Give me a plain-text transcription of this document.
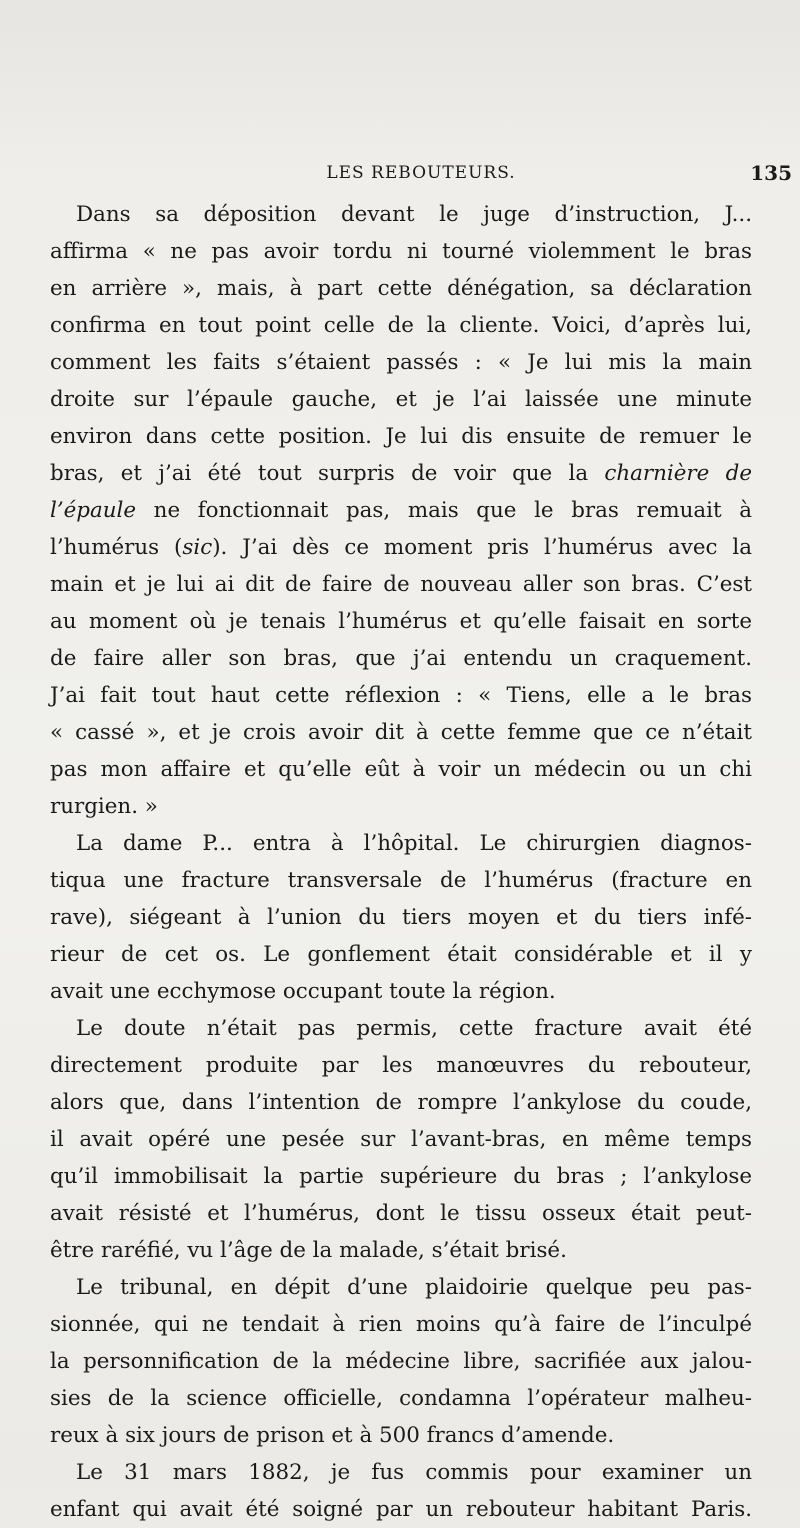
LES REBOUTEURS.	135
Dans sa déposition devant le juge d’instruction, J...
affirma « ne pas avoir tordu ni tourné violemment le bras
en arrière », mais, à part cette dénégation, sa déclaration
confirma en tout point celle de la cliente. Voici, d’après lui,
comment les faits s’étaient passés : « Je lui mis la main
droite sur l’épaule gauche, et je l’ai laissée une minute
environ dans cette position. Je lui dis ensuite de remuer le
bras, et j’ai été tout surpris de voir que la charnière de
l’épaule ne fonctionnait pas, mais que le bras remuait à
l’humérus (sic). J’ai dès ce moment pris l’humérus avec la
main et je lui ai dit de faire de nouveau aller son bras. C’est
au moment où je tenais l’humérus et qu’elle faisait en sorte
de faire aller son bras, que j’ai entendu un craquement.
J’ai fait tout haut cette réflexion : « Tiens, elle a le bras
« cassé », et je crois avoir dit à cette femme que ce n’était
pas mon affaire et qu’elle eût à voir un médecin ou un chi
rurgien. »
La dame P... entra à l’hôpital. Le chirurgien diagnos-
tiqua une fracture transversale de l’humérus (fracture en
rave), siégeant à l’union du tiers moyen et du tiers infé-
rieur de cet os. Le gonflement était considérable et il y
avait une ecchymose occupant toute la région.
Le doute n’était pas permis, cette fracture avait été
directement produite par les manœuvres du rebouteur,
alors que, dans l’intention de rompre l’ankylose du coude,
il avait opéré une pesée sur l’avant-bras, en même temps
qu’il immobilisait la partie supérieure du bras ; l’ankylose
avait résisté et l’humérus, dont le tissu osseux était peut-
être raréfié, vu l’âge de la malade, s’était brisé.
Le tribunal, en dépit d’une plaidoirie quelque peu pas-
sionnée, qui ne tendait à rien moins qu’à faire de l’inculpé
la personnification de la médecine libre, sacrifiée aux jalou-
sies de la science officielle, condamna l’opérateur malheu-
reux à six jours de prison et à 500 francs d’amende.
Le 31 mars 1882, je fus commis pour examiner un
enfant qui avait été soigné par un rebouteur habitant Paris.
